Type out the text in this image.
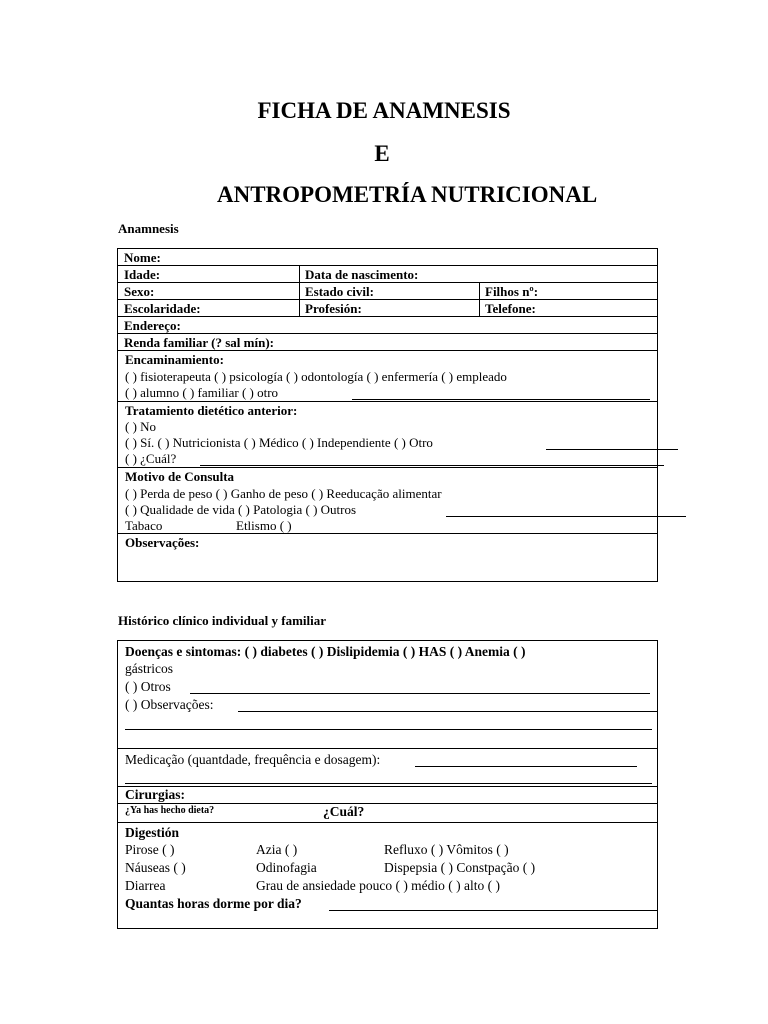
FICHA DE ANAMNESIS
E
ANTROPOMETRÍA NUTRICIONAL
Anamnesis
Nome:
Idade:	Data de nascimento:
Sexo:	Estado civil:	Filhos nº:
Escolaridade:	Profesión:	Telefone:
Endereço:
Renda familiar (? sal mín):
Encaminamiento:
( ) fisioterapeuta ( ) psicología ( ) odontología ( ) enfermería ( ) empleado
( ) alumno ( ) familiar ( ) otro
Tratamiento dietético anterior:
( ) No
( ) Sí. ( ) Nutricionista ( ) Médico ( ) Independiente ( ) Otro
( ) ¿Cuál?
Motivo de Consulta
( ) Perda de peso ( ) Ganho de peso ( ) Reeducação alimentar
( ) Qualidade de vida ( ) Patologia ( ) Outros
Tabaco	Etlismo ( )
Observações:
Histórico clínico individual y familiar
Doenças e sintomas: ( ) diabetes ( ) Dislipidemia ( ) HAS ( ) Anemia ( )
gástricos
( ) Otros
( ) Observações:
Medicação (quantdade, frequência e dosagem):
Cirurgias:
¿Ya has hecho dieta?	¿Cuál?
Digestión
Pirose ( )	Azia ( )	Refluxo ( ) Vômitos ( )
Náuseas ( )	Odinofagia	Dispepsia ( ) Constpação ( )
Diarrea	Grau de ansiedade pouco ( ) médio ( ) alto ( )
Quantas horas dorme por dia?
